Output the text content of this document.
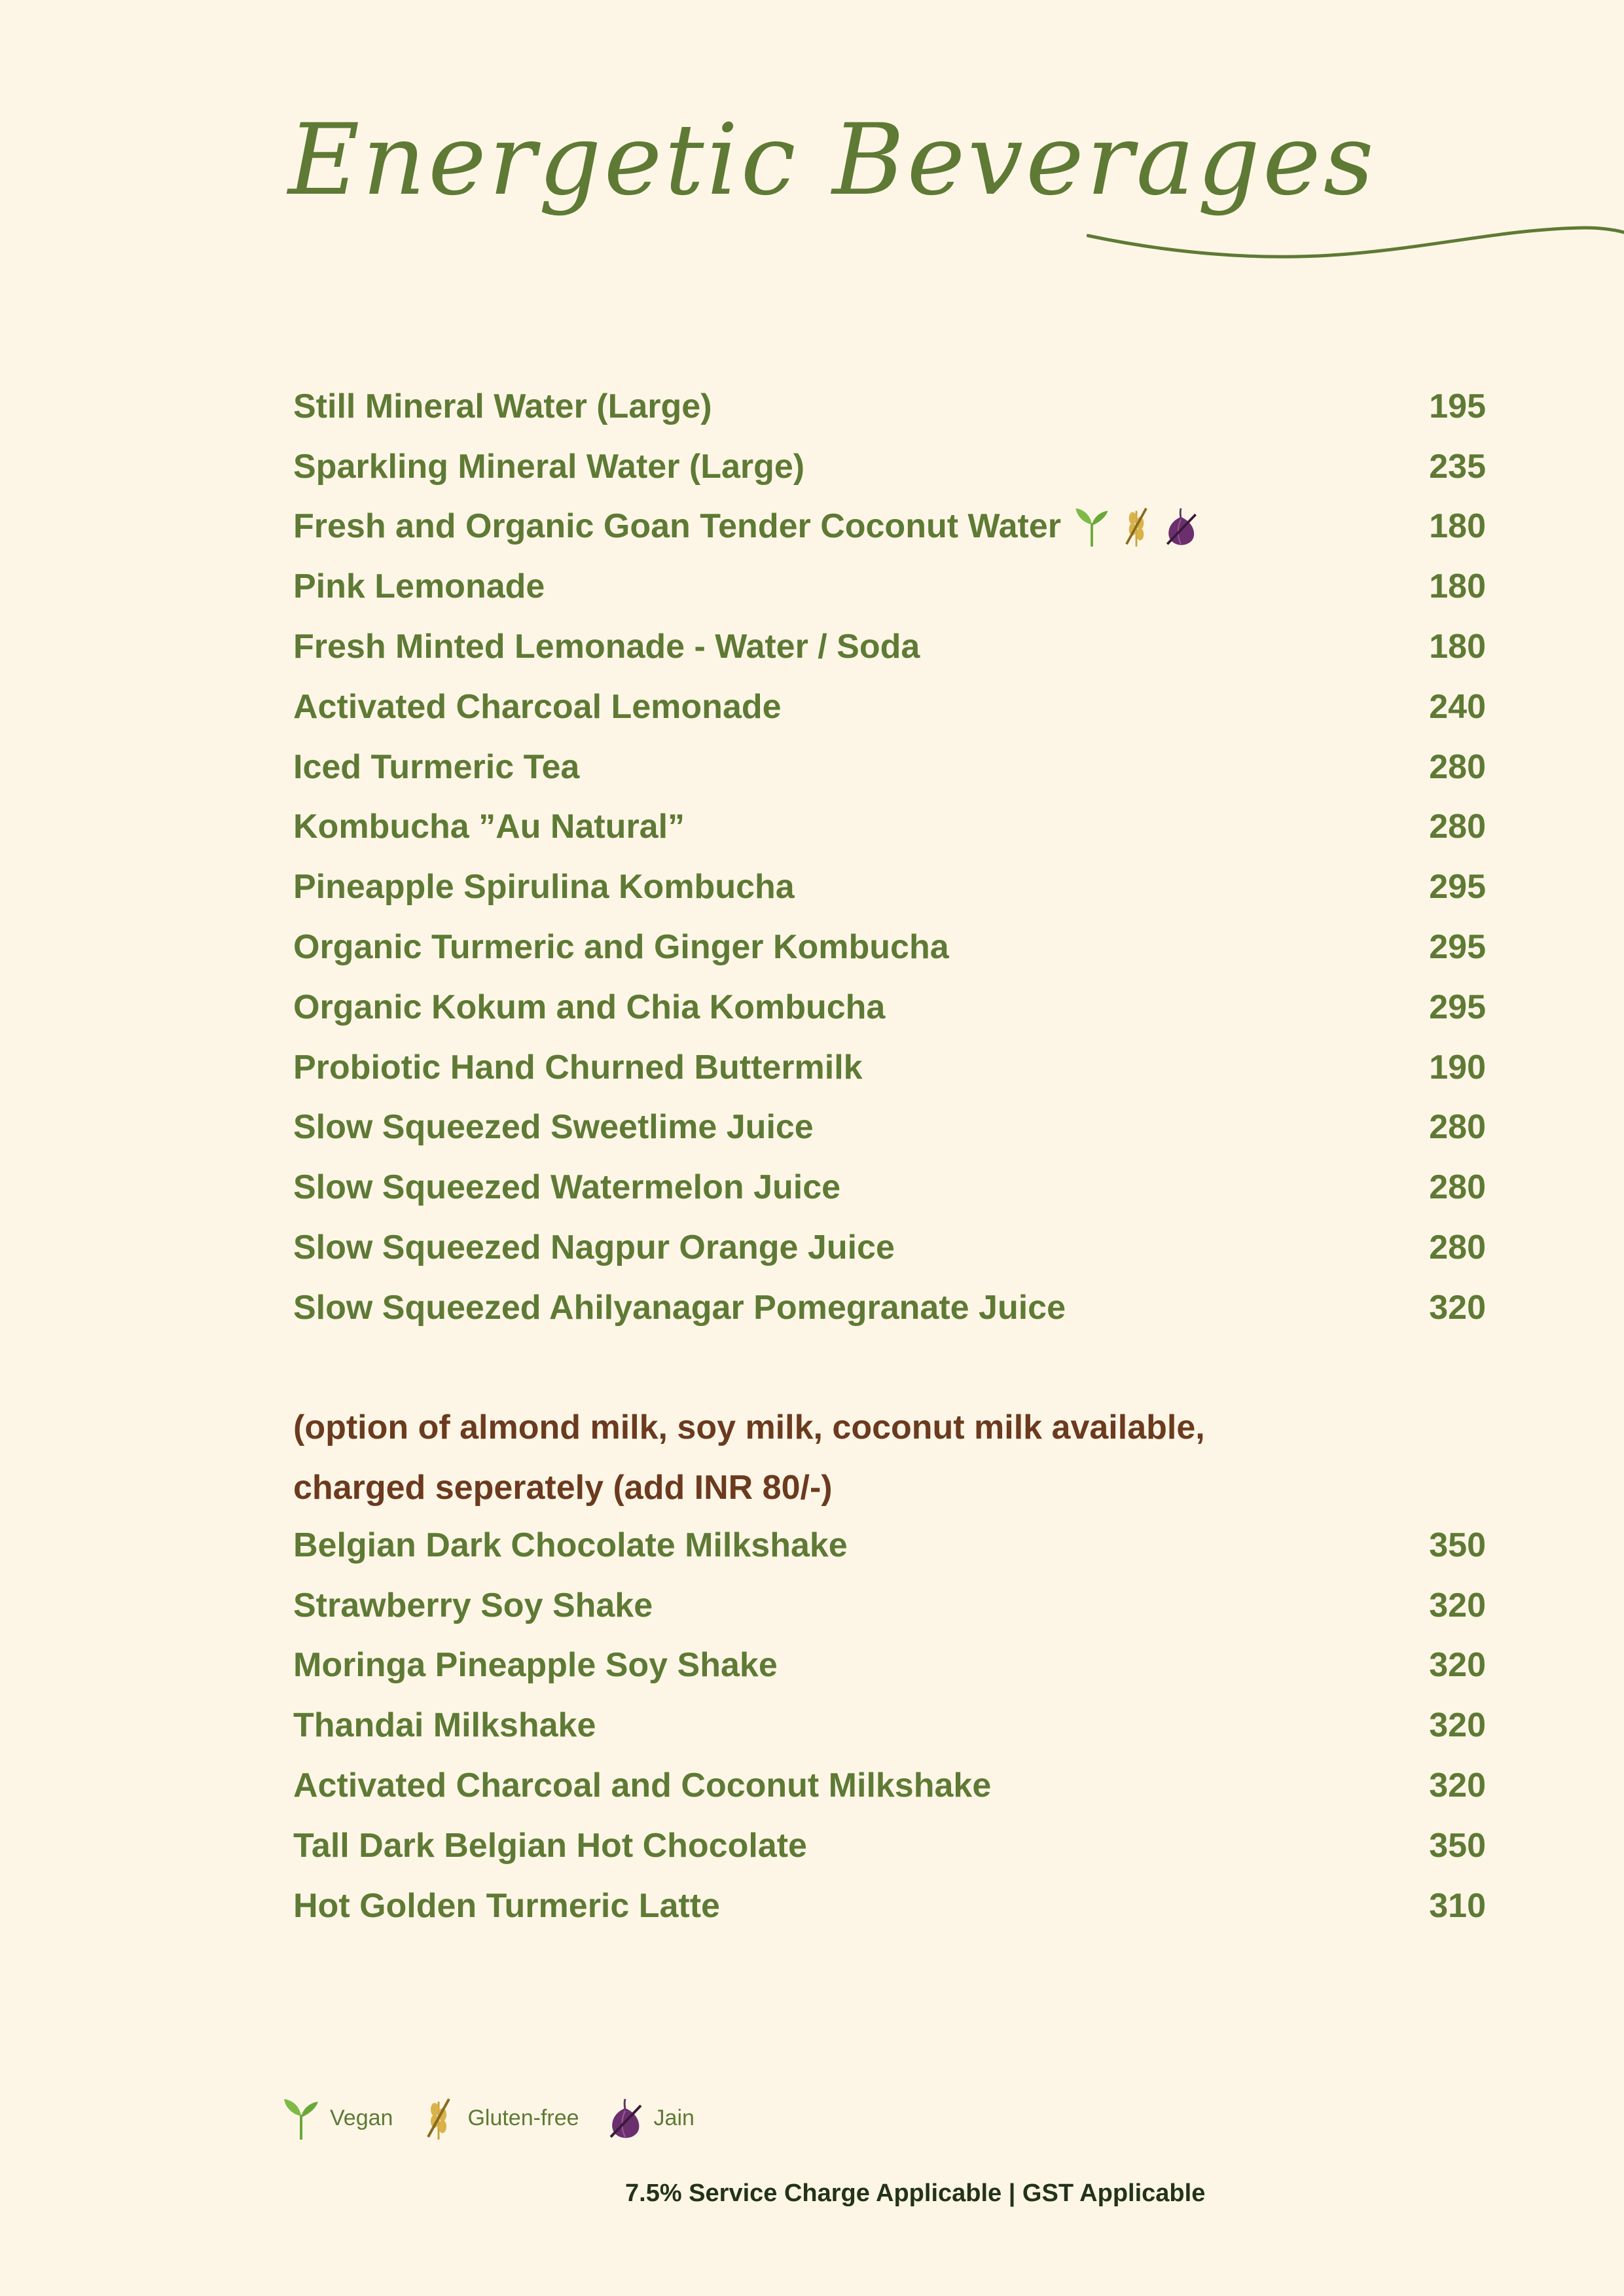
Energetic Beverages
Still Mineral Water (Large)	195
Sparkling Mineral Water (Large)	235
Fresh and Organic Goan Tender Coconut Water	180
Pink Lemonade	180
Fresh Minted Lemonade - Water / Soda	180
Activated Charcoal Lemonade	240
Iced Turmeric Tea	280
Kombucha ”Au Natural”	280
Pineapple Spirulina Kombucha	295
Organic Turmeric and Ginger Kombucha	295
Organic Kokum and Chia Kombucha	295
Probiotic Hand Churned Buttermilk	190
Slow Squeezed Sweetlime Juice	280
Slow Squeezed Watermelon Juice	280
Slow Squeezed Nagpur Orange Juice	280
Slow Squeezed Ahilyanagar Pomegranate Juice	320
(option of almond milk, soy milk, coconut milk available,
charged seperately (add INR 80/-)
Belgian Dark Chocolate Milkshake	350
Strawberry Soy Shake	320
Moringa Pineapple Soy Shake	320
Thandai Milkshake	320
Activated Charcoal and Coconut Milkshake	320
Tall Dark Belgian Hot Chocolate	350
Hot Golden Turmeric Latte	310
Vegan	Gluten-free	Jain
7.5% Service Charge Applicable | GST Applicable
